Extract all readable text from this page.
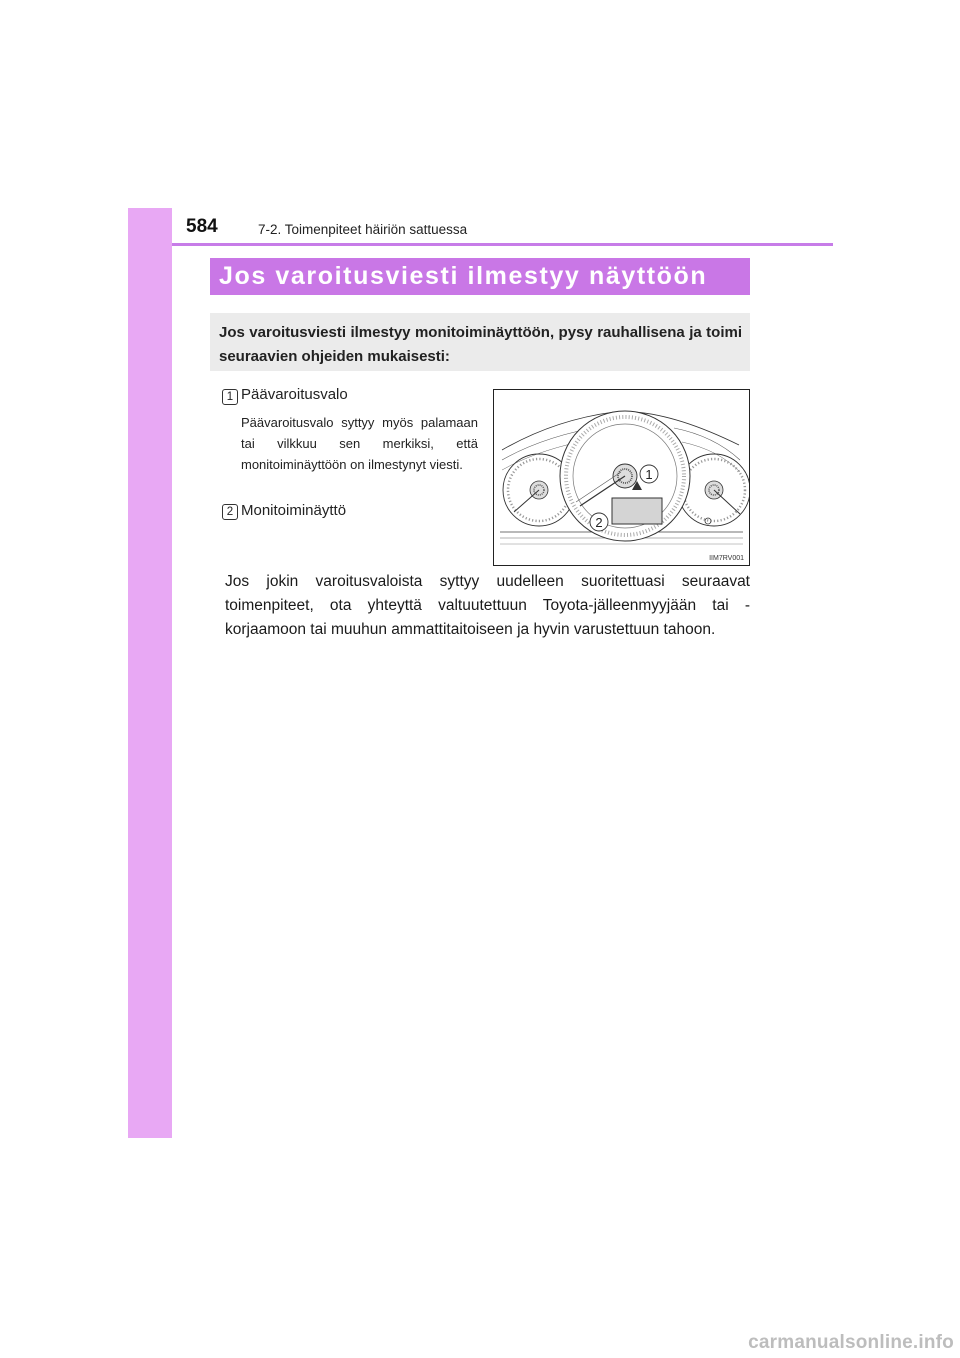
584	7-2. Toimenpiteet häiriön sattuessa
Jos varoitusviesti ilmestyy näyttöön

Jos varoitusviesti ilmestyy monitoiminäyttöön, pysy rauhallisena ja toimi seuraavien ohjeiden mukaisesti:

1 Päävaroitusvalo

Päävaroitusvalo syttyy myös palamaan tai vilkkuu sen merkiksi, että monitoiminäyttöön on ilmestynyt viesti.

2 Monitoiminäyttö
1
2
IIM7RV001

Jos jokin varoitusvaloista syttyy uudelleen suoritettuasi seuraavat toimenpiteet, ota yhteyttä valtuutettuun Toyota-jälleenmyyjään tai -korjaamoon tai muuhun ammattitaitoiseen ja hyvin varustettuun tahoon.

carmanualsonline.info
